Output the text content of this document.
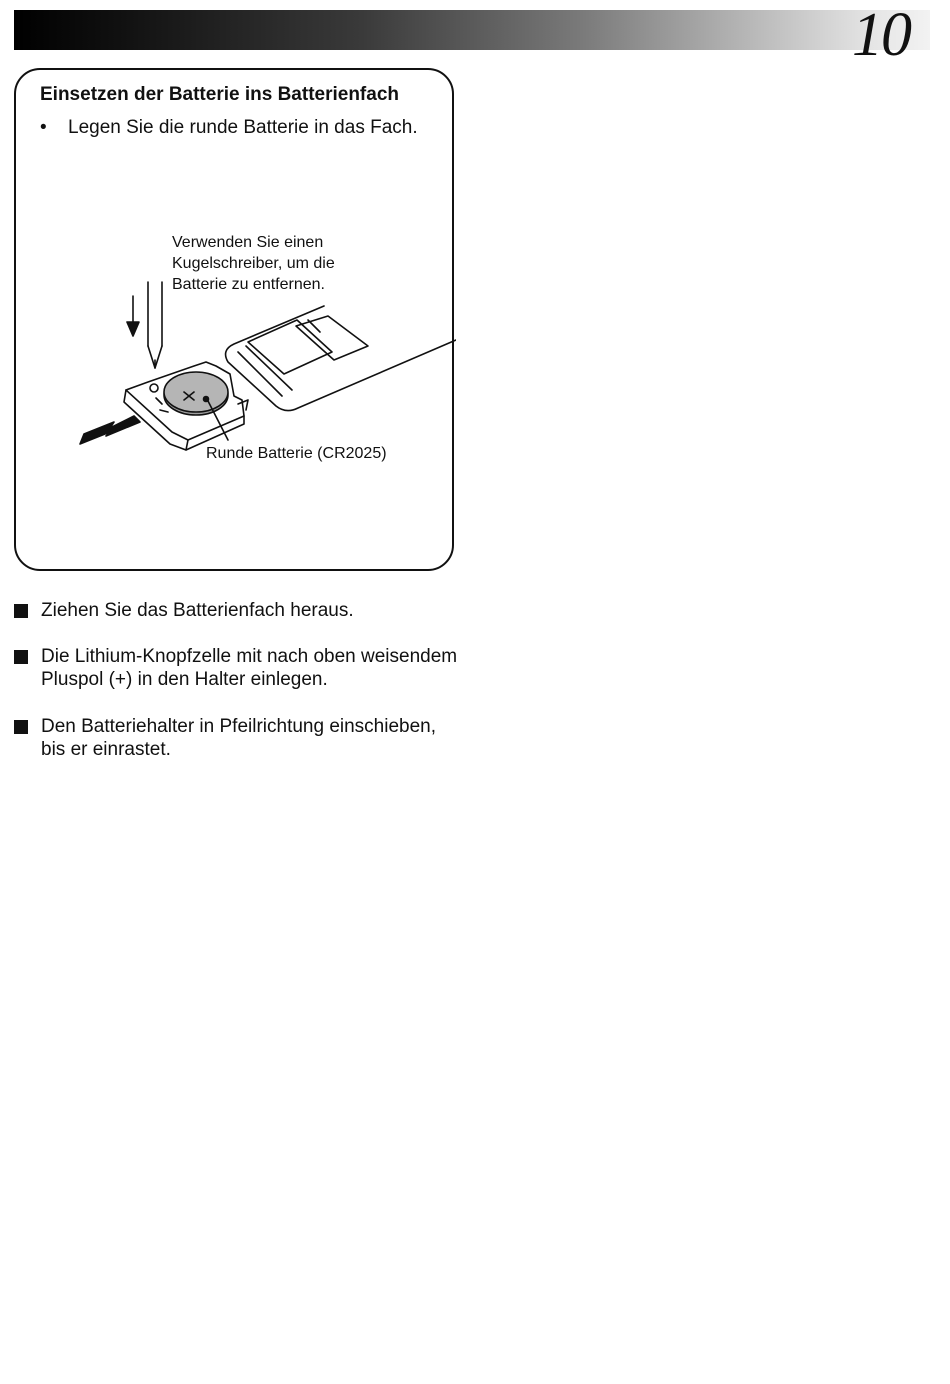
10
Einsetzen der Batterie ins Batterienfach
• Legen Sie die runde Batterie in das Fach.
Verwenden Sie einen Kugelschreiber, um die Batterie zu entfernen.
Runde Batterie (CR2025)
Ziehen Sie das Batterienfach heraus.
Die Lithium-Knopfzelle mit nach oben weisendem Pluspol (+) in den Halter einlegen.
Den Batteriehalter in Pfeilrichtung einschieben, bis er einrastet.
